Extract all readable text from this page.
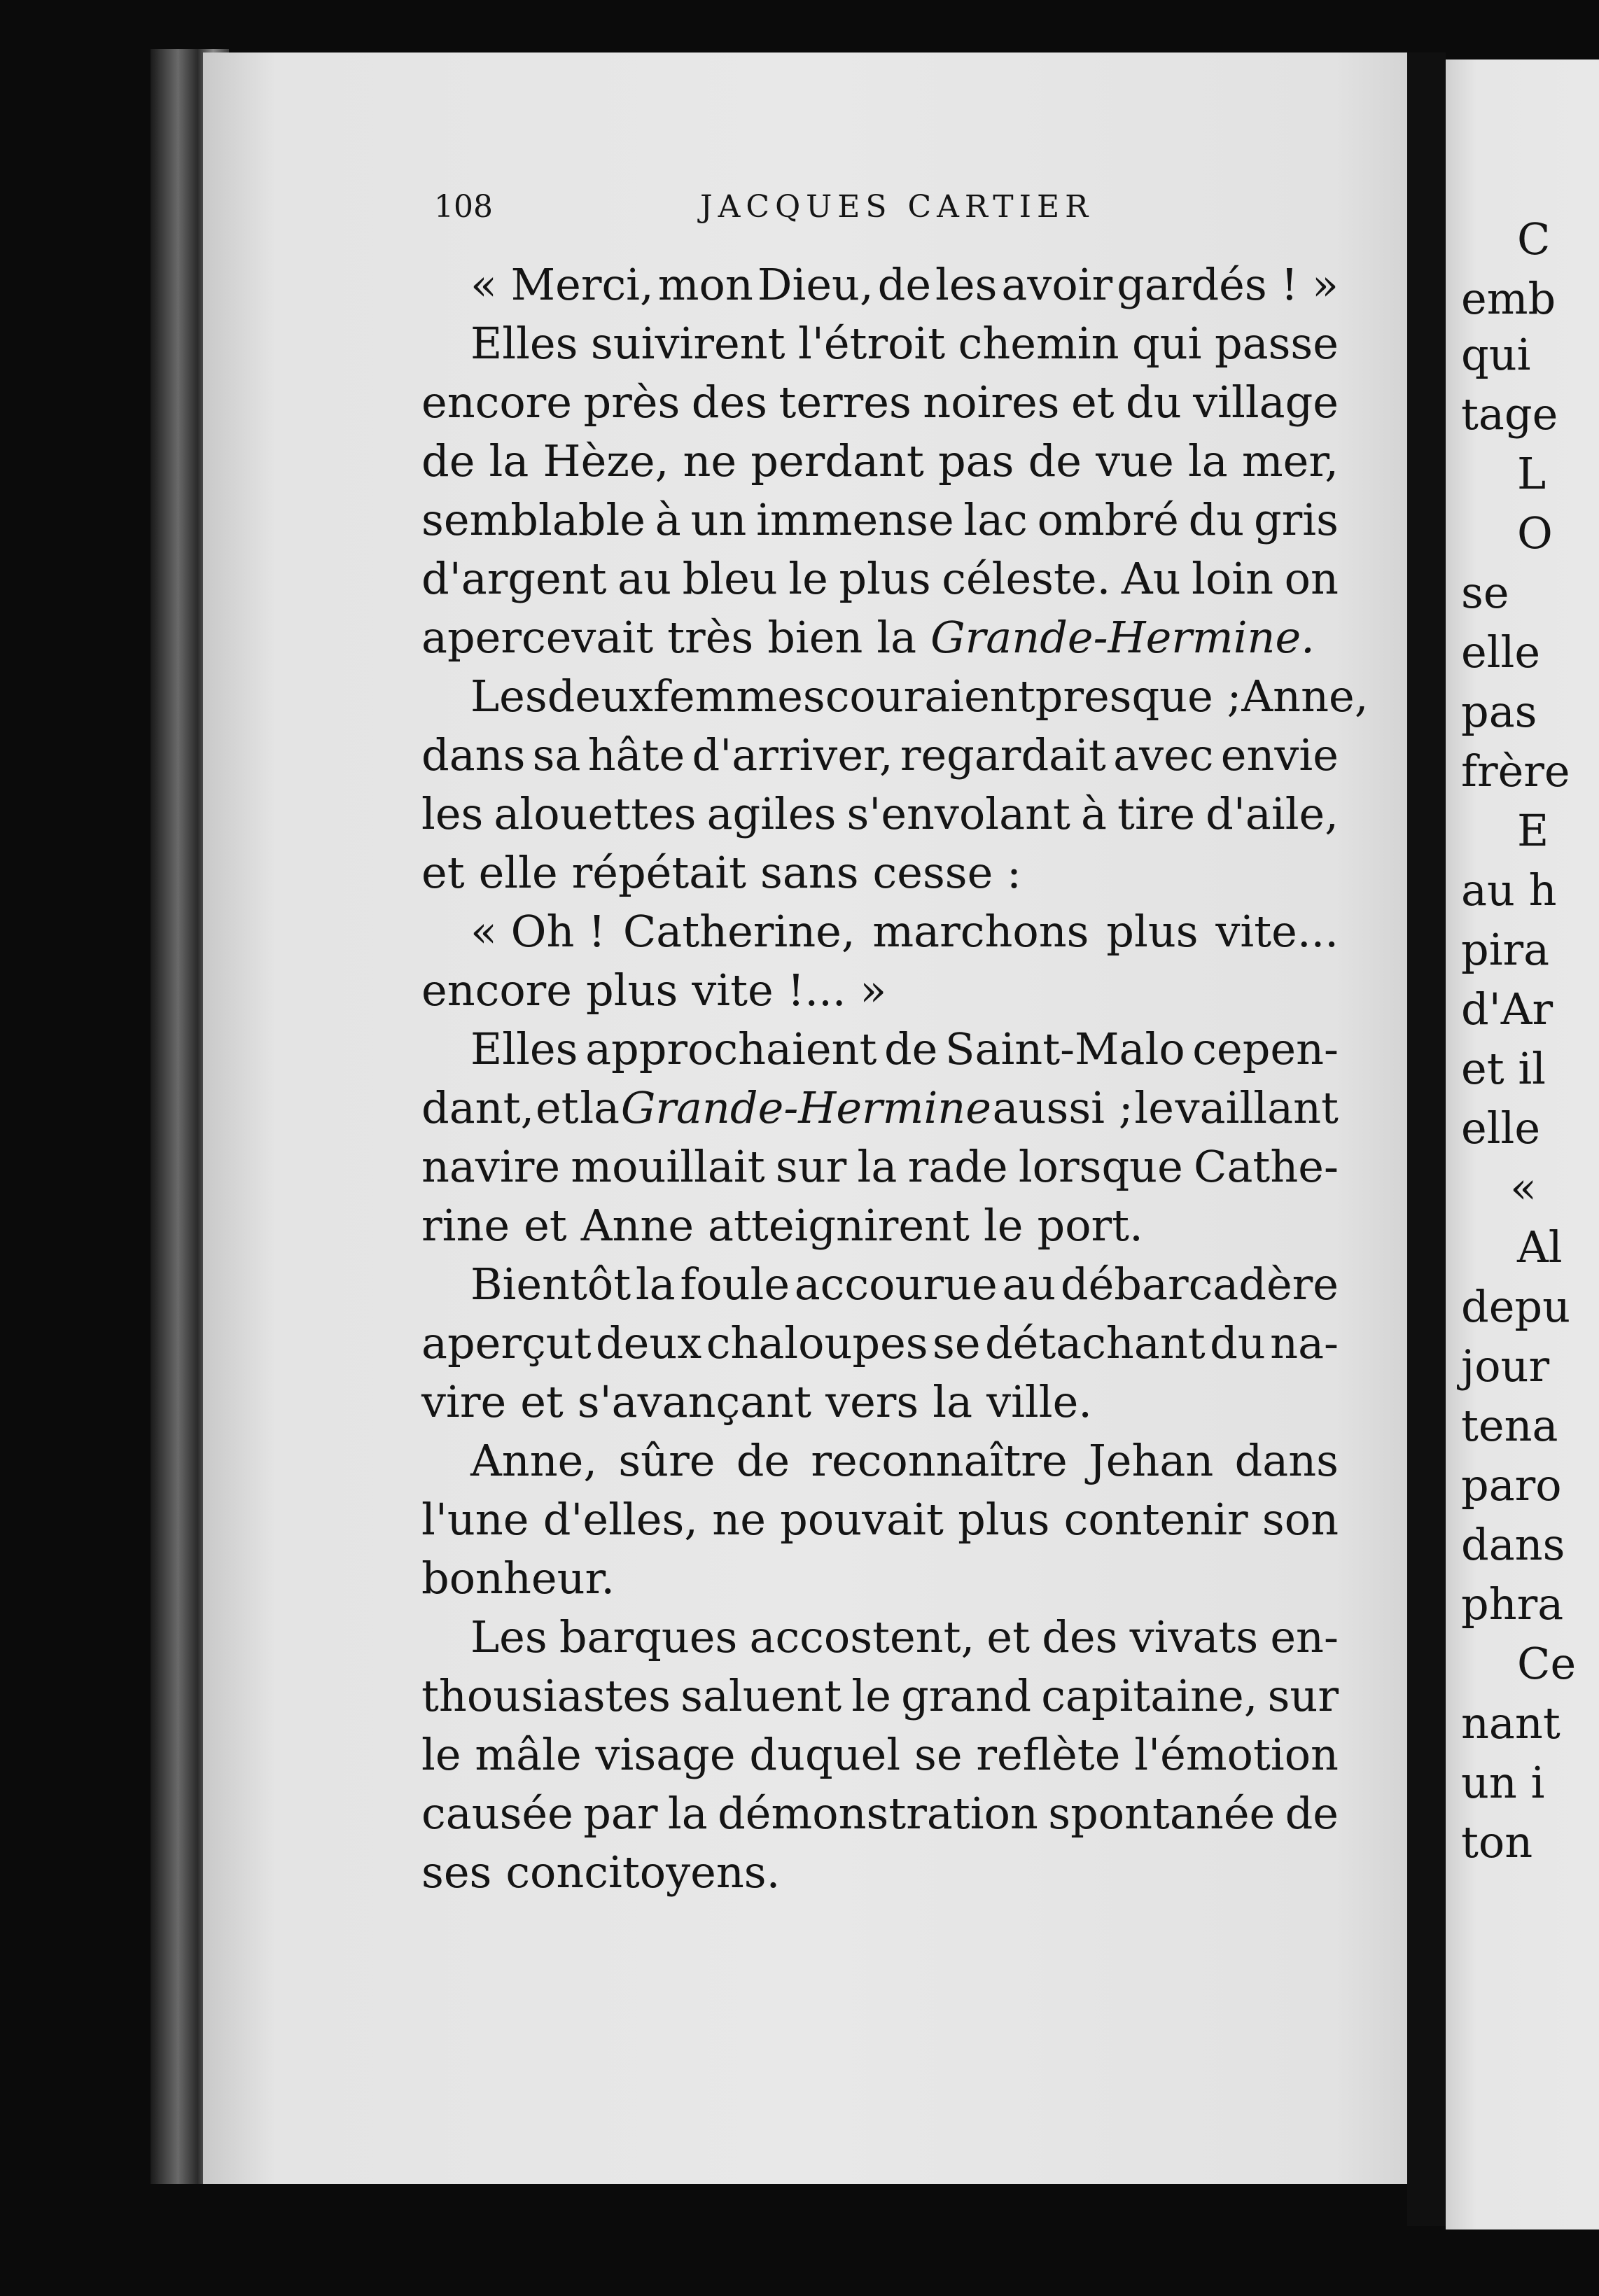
C
emb
qui
tage
L
O
se
elle
pas
frère
E
au h
pira
d'Ar
et il
elle
«
Al
depu
jour
tena
paro
dans
phra
Ce
nant
un i
ton
108	JACQUES CARTIER
« Merci, mon Dieu, de les avoir gardés ! »
Elles suivirent l'étroit chemin qui passe
encore près des terres noires et du village
de la Hèze, ne perdant pas de vue la mer,
semblable à un immense lac ombré du gris
d'argent au bleu le plus céleste. Au loin on
apercevait très bien la Grande-Hermine.
Les deux femmes couraient presque ; Anne,
dans sa hâte d'arriver, regardait avec envie
les alouettes agiles s'envolant à tire d'aile,
et elle répétait sans cesse :
« Oh ! Catherine, marchons plus vite...
encore plus vite !... »
Elles approchaient de Saint-Malo cepen-
dant, et la Grande-Hermine aussi ; le vaillant
navire mouillait sur la rade lorsque Cathe-
rine et Anne atteignirent le port.
Bientôt la foule accourue au débarcadère
aperçut deux chaloupes se détachant du na-
vire et s'avançant vers la ville.
Anne, sûre de reconnaître Jehan dans
l'une d'elles, ne pouvait plus contenir son
bonheur.
Les barques accostent, et des vivats en-
thousiastes saluent le grand capitaine, sur
le mâle visage duquel se reflète l'émotion
causée par la démonstration spontanée de
ses concitoyens.
